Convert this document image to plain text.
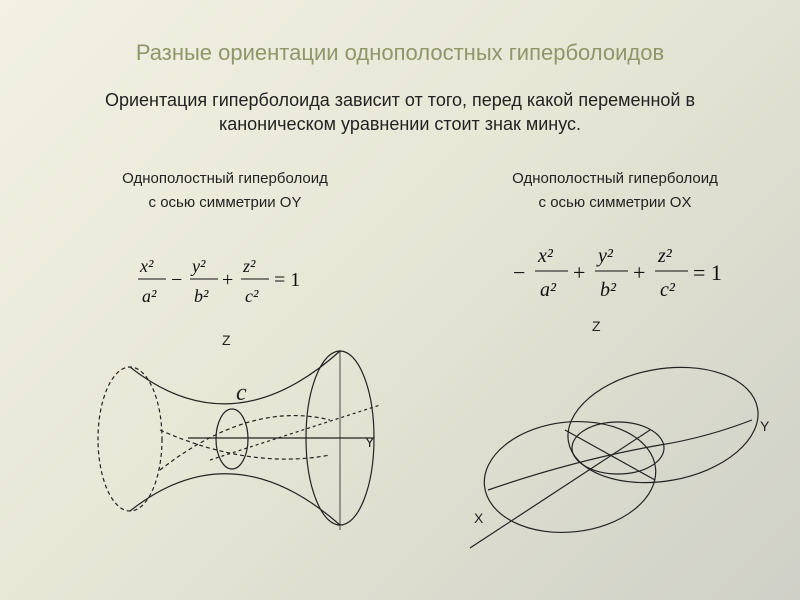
Разные ориентации однополостных гиперболоидов
Ориентация гиперболоида зависит от того, перед какой переменной в каноническом уравнении стоит знак минус.
Однополостный гиперболоид
с осью симметрии OY
Однополостный гиперболоид
с осью симметрии OX
x²
a²
−
y²
b²
+
z²
c²
= 1	−
x²
a²
+
y²
b²
+
z²
c²
= 1
Z
Y
c
Z
Y
X
